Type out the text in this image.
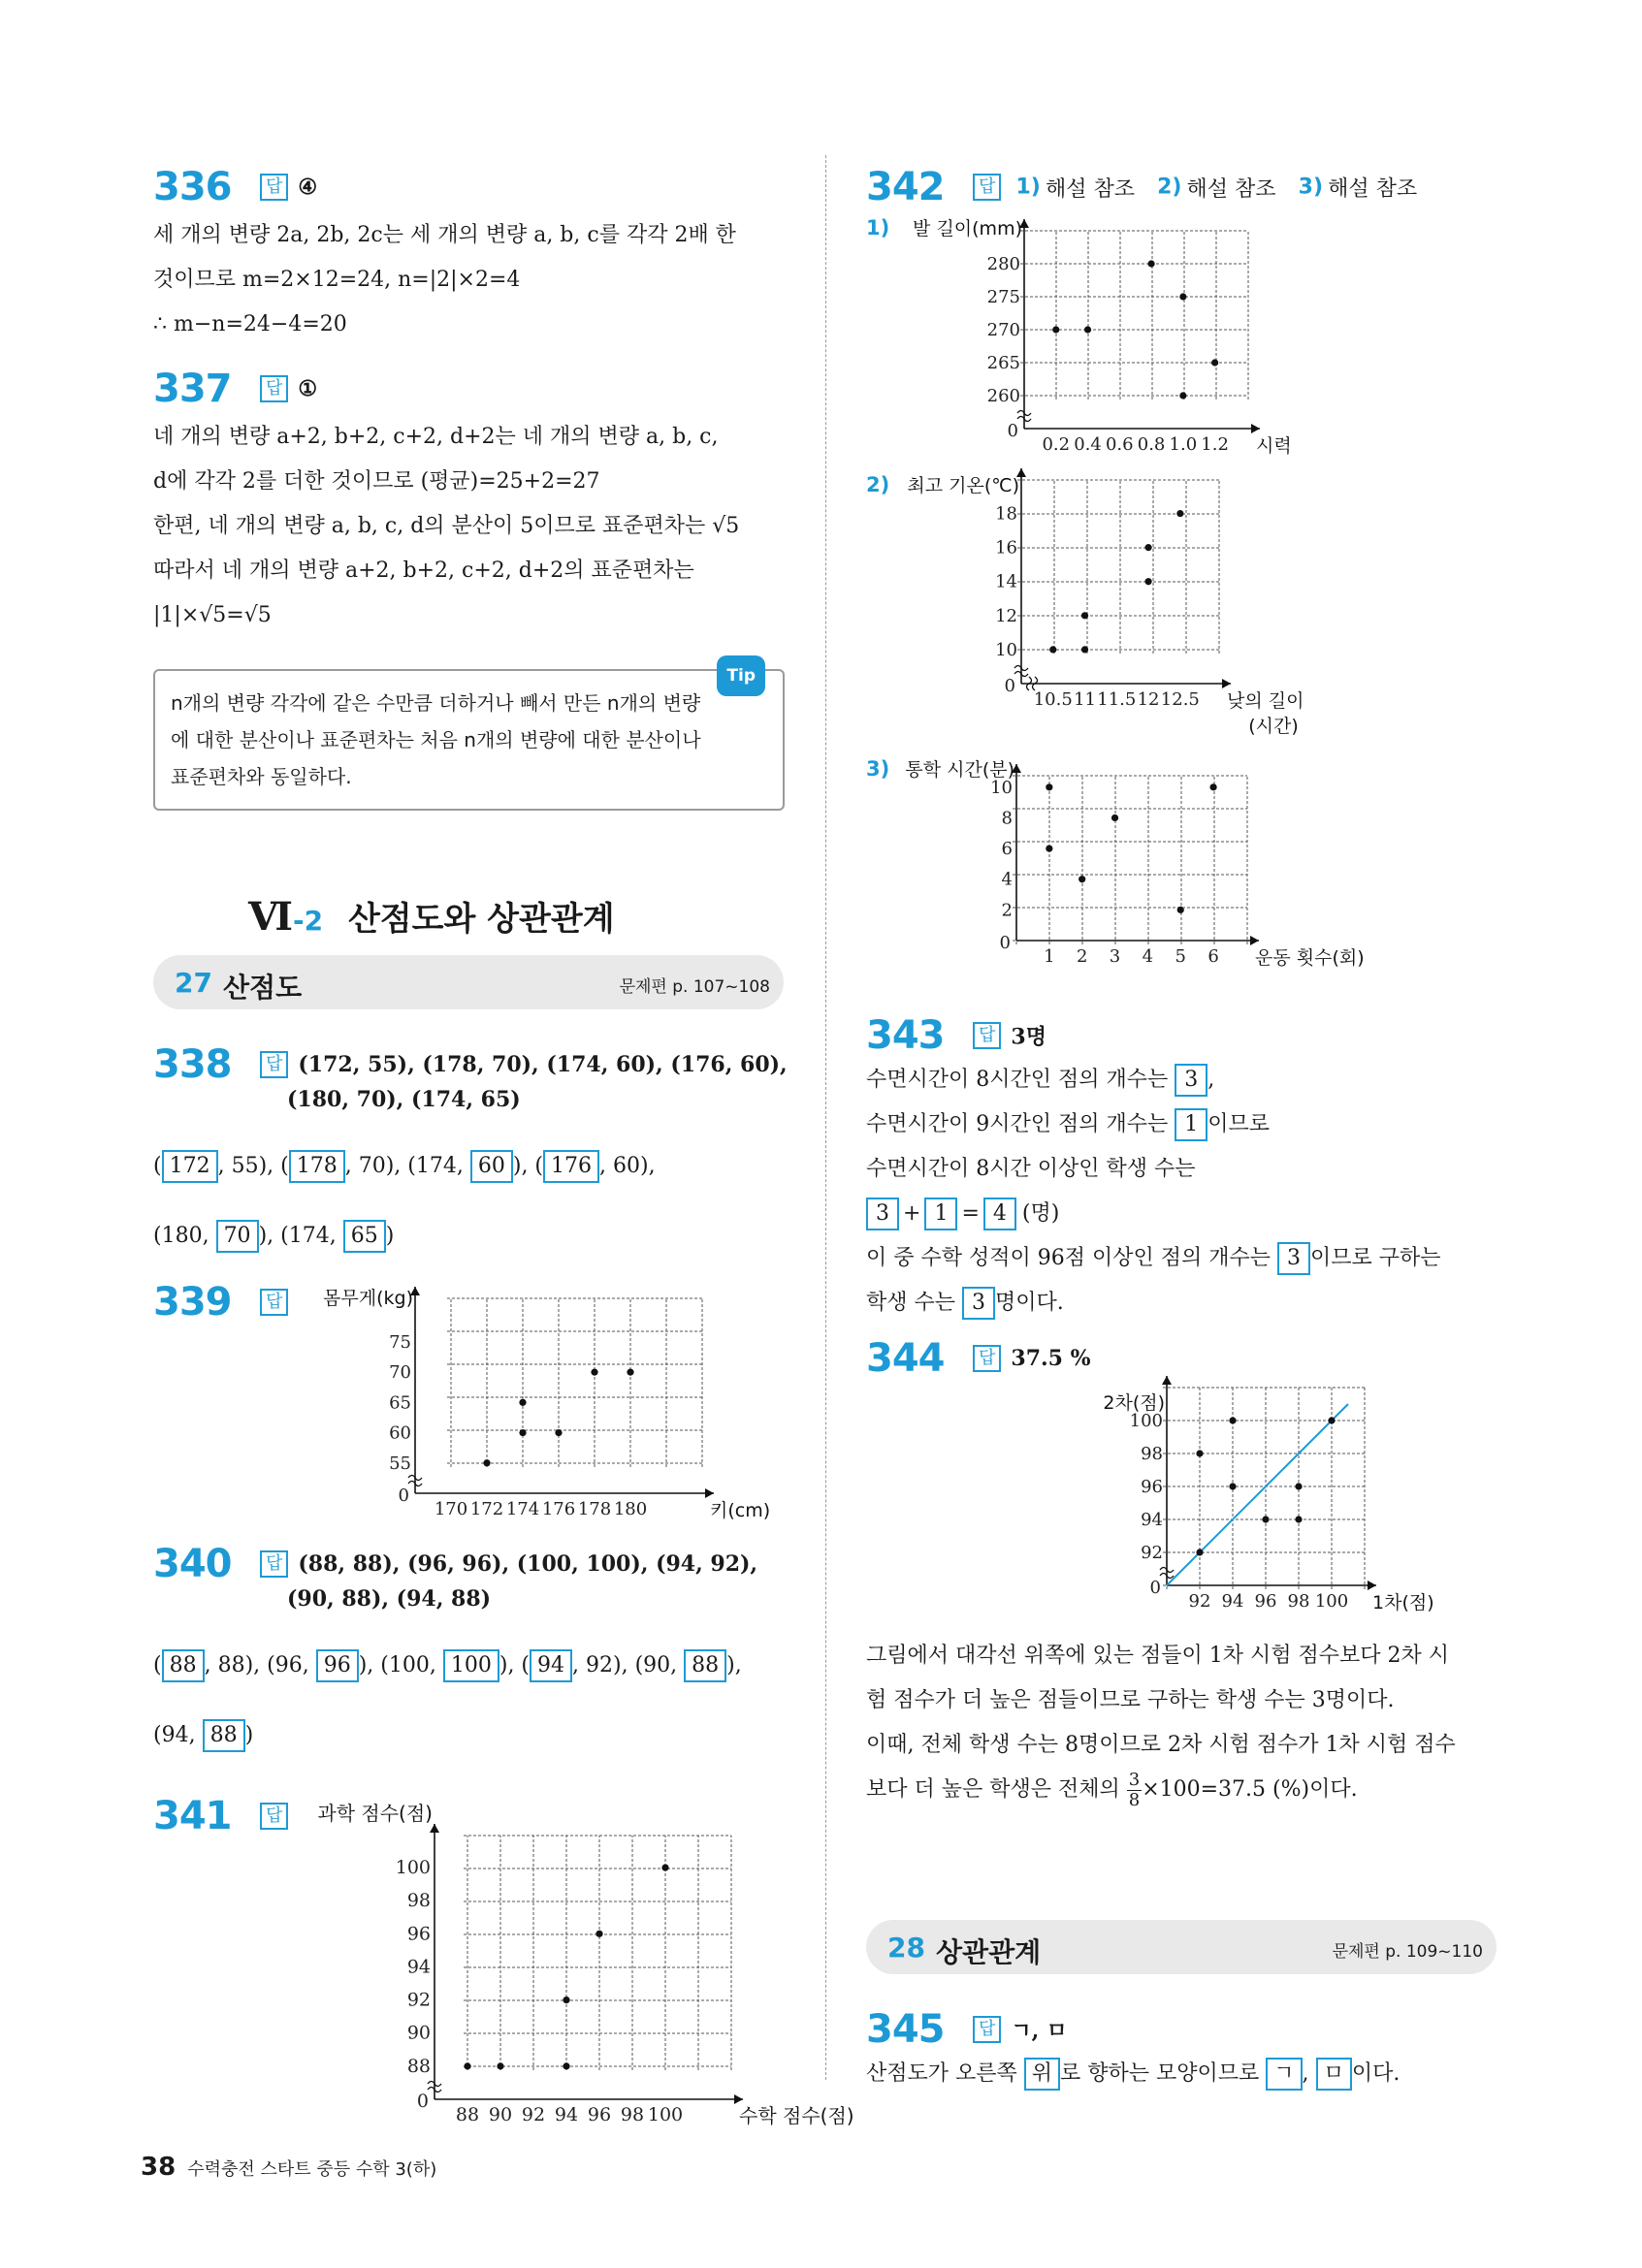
336 답 ④
세 개의 변량 2a, 2b, 2c는 세 개의 변량 a, b, c를 각각 2배 한
것이므로 m=2×12=24, n=|2|×2=4
∴ m−n=24−4=20
337 답 ①
네 개의 변량 a+2, b+2, c+2, d+2는 네 개의 변량 a, b, c,
d에 각각 2를 더한 것이므로 (평균)=25+2=27
한편, 네 개의 변량 a, b, c, d의 분산이 5이므로 표준편차는 √5
따라서 네 개의 변량 a+2, b+2, c+2, d+2의 표준편차는
|1|×√5=√5
Tip
n개의 변량 각각에 같은 수만큼 더하거나 빼서 만든 n개의 변량
에 대한 분산이나 표준편차는 처음 n개의 변량에 대한 분산이나
표준편차와 동일하다.
Ⅵ-2 산점도와 상관관계
27 산점도	문제편 p. 107~108
338 답 (172, 55), (178, 70), (174, 60), (176, 60),
(180, 70), (174, 65)
( 172 , 55), ( 178 , 70), (174, 60 ), ( 176 , 60),
(180, 70 ), (174, 65 )
339 답
75
70
65
60
55
170 172 174 176 178 180
0
몸무게(kg)
키(cm)
340 답 (88, 88), (96, 96), (100, 100), (94, 92),
(90, 88), (94, 88)
( 88 , 88), (96, 96 ), (100, 100 ), ( 94 , 92), (90, 88 ),
(94, 88 )
341 답
100
98
96
94
92
90
88
88 90 92 94 96 98 100
0
과학 점수(점)
수학 점수(점)
342 답 1) 해설 참조 2) 해설 참조 3) 해설 참조
280
275
270
265
260
0.2 0.4 0.6 0.8 1.0 1.2
0
1) 발 길이(mm)
시력
18
16
14
12
10
10.5 11 11.5 12 12.5
0
2) 최고 기온(℃)
낮의 길이
(시간)
10
8
6
4
2
1 2 3 4 5 6
0
3) 통학 시간(분)
운동 횟수(회)
343 답 3명
수면시간이 8시간인 점의 개수는 3 ,
수면시간이 9시간인 점의 개수는 1 이므로
수면시간이 8시간 이상인 학생 수는
3 + 1 = 4 (명)
이 중 수학 성적이 96점 이상인 점의 개수는 3 이므로 구하는
학생 수는 3 명이다.
344 답 37.5 %
100
98
96
94
92
92 94 96 98 100
0
2차(점)
1차(점)
그림에서 대각선 위쪽에 있는 점들이 1차 시험 점수보다 2차 시
험 점수가 더 높은 점들이므로 구하는 학생 수는 3명이다.
이때, 전체 학생 수는 8명이므로 2차 시험 점수가 1차 시험 점수
보다 더 높은 학생은 전체의 $\frac{3}{8} \times 100=37.5$ (%)이다.
28 상관관계	문제편 p. 109~110
345 답 ㄱ, ㅁ
산점도가 오른쪽 위 로 향하는 모양이므로 ㄱ , ㅁ 이다.
38 수력충전 스타트 중등 수학 3(하)
